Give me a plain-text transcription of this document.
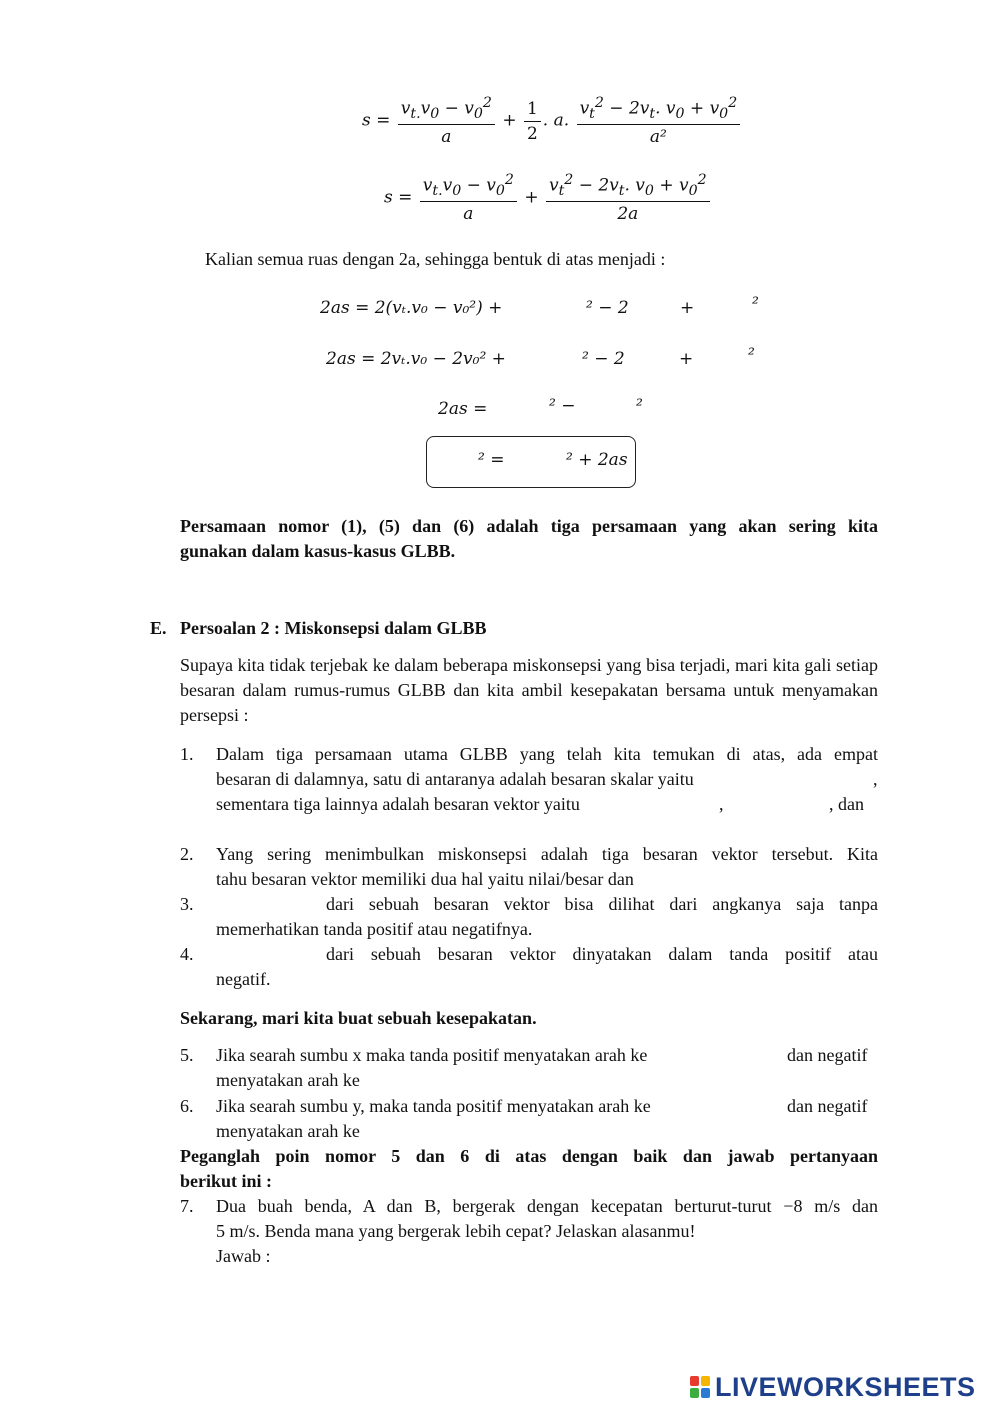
$s = \frac{v_{t.}v_0 - v_0^2}{a} + \frac{1}{2}$ . a. $\frac{v_t^2 - 2v_t. v_0 + v_0^2}{\text{a²}}$
$s = \frac{v_{t.}v_0 - v_0^2}{a} + \frac{v_t^2 - 2v_t. v_0 + v_0^2}{2a}$
Kalian semua ruas dengan 2a, sehingga bentuk di atas menjadi :
2as = 2(vₜ.v₀ − v₀²) +	² − 2	+	²
2as = 2vₜ.v₀ − 2v₀² +	² − 2	+	²
2as =	² −	²
² =	² + 2as
Persamaan nomor (1), (5) dan (6) adalah tiga persamaan yang akan sering kita
gunakan dalam kasus-kasus GLBB.
E. Persoalan 2 : Miskonsepsi dalam GLBB
Supaya kita tidak terjebak ke dalam beberapa miskonsepsi yang bisa terjadi, mari kita gali setiap besaran dalam rumus-rumus GLBB dan kita ambil kesepakatan bersama untuk menyamakan persepsi :
1. Dalam tiga persamaan utama GLBB yang telah kita temukan di atas, ada empat
besaran di dalamnya, satu di antaranya adalah besaran skalar yaitu	,
sementara tiga lainnya adalah besaran vektor yaitu	,	, dan
2. Yang sering menimbulkan miskonsepsi adalah tiga besaran vektor tersebut. Kita
tahu besaran vektor memiliki dua hal yaitu nilai/besar dan
3.	dari sebuah besaran vektor bisa dilihat dari angkanya saja tanpa
memerhatikan tanda positif atau negatifnya.
4.	dari sebuah besaran vektor dinyatakan dalam tanda positif atau
negatif.
Sekarang, mari kita buat sebuah kesepakatan.
5. Jika searah sumbu x maka tanda positif menyatakan arah ke	dan negatif
menyatakan arah ke
6. Jika searah sumbu y, maka tanda positif menyatakan arah ke	dan negatif
menyatakan arah ke
Peganglah poin nomor 5 dan 6 di atas dengan baik dan jawab pertanyaan
berikut ini :
7. Dua buah benda, A dan B, bergerak dengan kecepatan berturut-turut −8 m/s dan
5 m/s. Benda mana yang bergerak lebih cepat? Jelaskan alasanmu!
Jawab :
LIVEWORKSHEETS
